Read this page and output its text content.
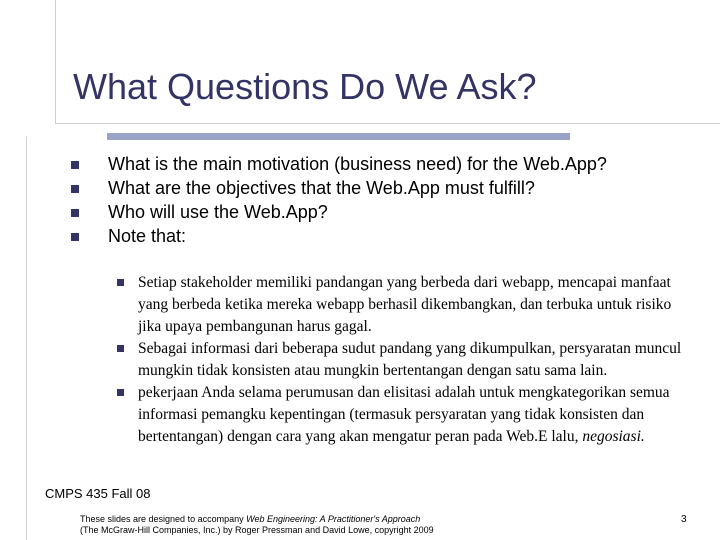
What Questions Do We Ask?
What is the main motivation (business need) for the Web.App?
What are the objectives that the Web.App must fulfill?
Who will use the Web.App?
Note that:
Setiap stakeholder memiliki pandangan yang berbeda dari webapp, mencapai manfaat yang berbeda ketika mereka webapp berhasil dikembangkan, dan terbuka untuk risiko jika upaya pembangunan harus gagal.
Sebagai informasi dari beberapa sudut pandang yang dikumpulkan, persyaratan muncul mungkin tidak konsisten atau mungkin bertentangan dengan satu sama lain.
pekerjaan Anda selama perumusan dan elisitasi adalah untuk mengkategorikan semua informasi pemangku kepentingan (termasuk persyaratan yang tidak konsisten dan bertentangan) dengan cara yang akan mengatur peran pada Web.E lalu, negosiasi.
CMPS 435 Fall 08
These slides are designed to accompany Web Engineering: A Practitioner's Approach
(The McGraw-Hill Companies, Inc.) by Roger Pressman and David Lowe, copyright 2009
3
